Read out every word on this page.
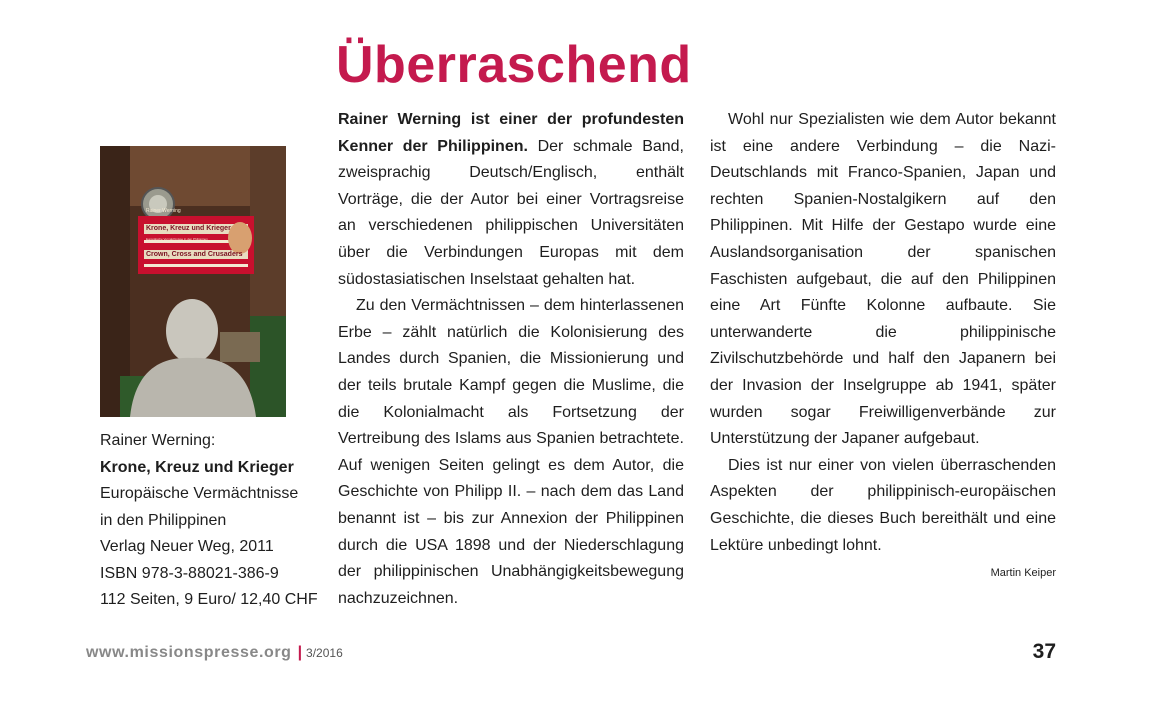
Überraschend
Rainer Werning
Krone, Kreuz und Krieger
Europäische Vermächtnisse in den Philippinen
Crown, Cross and Crusaders
Rainer Werning:
Krone, Kreuz und Krieger
Europäische Vermächtnisse
in den Philippinen
Verlag Neuer Weg, 2011
ISBN 978-3-88021-386-9
112 Seiten, 9 Euro/ 12,40 CHF

Rainer Werning ist einer der profundesten Kenner der Philippinen. Der schmale Band, zweisprachig Deutsch/Englisch, enthält Vorträge, die der Autor bei einer Vortragsreise an verschiedenen philippischen Universitäten über die Verbindungen Europas mit dem südostasiatischen Inselstaat gehalten hat.

Zu den Vermächtnissen – dem hinterlassenen Erbe – zählt natürlich die Kolonisierung des Landes durch Spanien, die Missionierung und der teils brutale Kampf gegen die Muslime, die die Kolonialmacht als Fortsetzung der Vertreibung des Islams aus Spanien betrachtete. Auf wenigen Seiten gelingt es dem Autor, die Geschichte von Philipp II. – nach dem das Land benannt ist – bis zur Annexion der Philippinen durch die USA 1898 und der Niederschlagung der philippinischen Unabhängigkeitsbewegung nachzuzeichnen.

Wohl nur Spezialisten wie dem Autor bekannt ist eine andere Verbindung – die Nazi-Deutschlands mit Franco-Spanien, Japan und rechten Spanien-Nostalgikern auf den Philippinen. Mit Hilfe der Gestapo wurde eine Auslandsorganisation der spanischen Faschisten aufgebaut, die auf den Philippinen eine Art Fünfte Kolonne aufbaute. Sie unterwanderte die philippinische Zivilschutzbehörde und half den Japanern bei der Invasion der Inselgruppe ab 1941, später wurden sogar Freiwilligenverbände zur Unterstützung der Japaner aufgebaut.

Dies ist nur einer von vielen überraschenden Aspekten der philippinisch-europäischen Geschichte, die dieses Buch bereithält und eine Lektüre unbedingt lohnt.

Martin Keiper
www.missionspresse.org | 3/2016	37
